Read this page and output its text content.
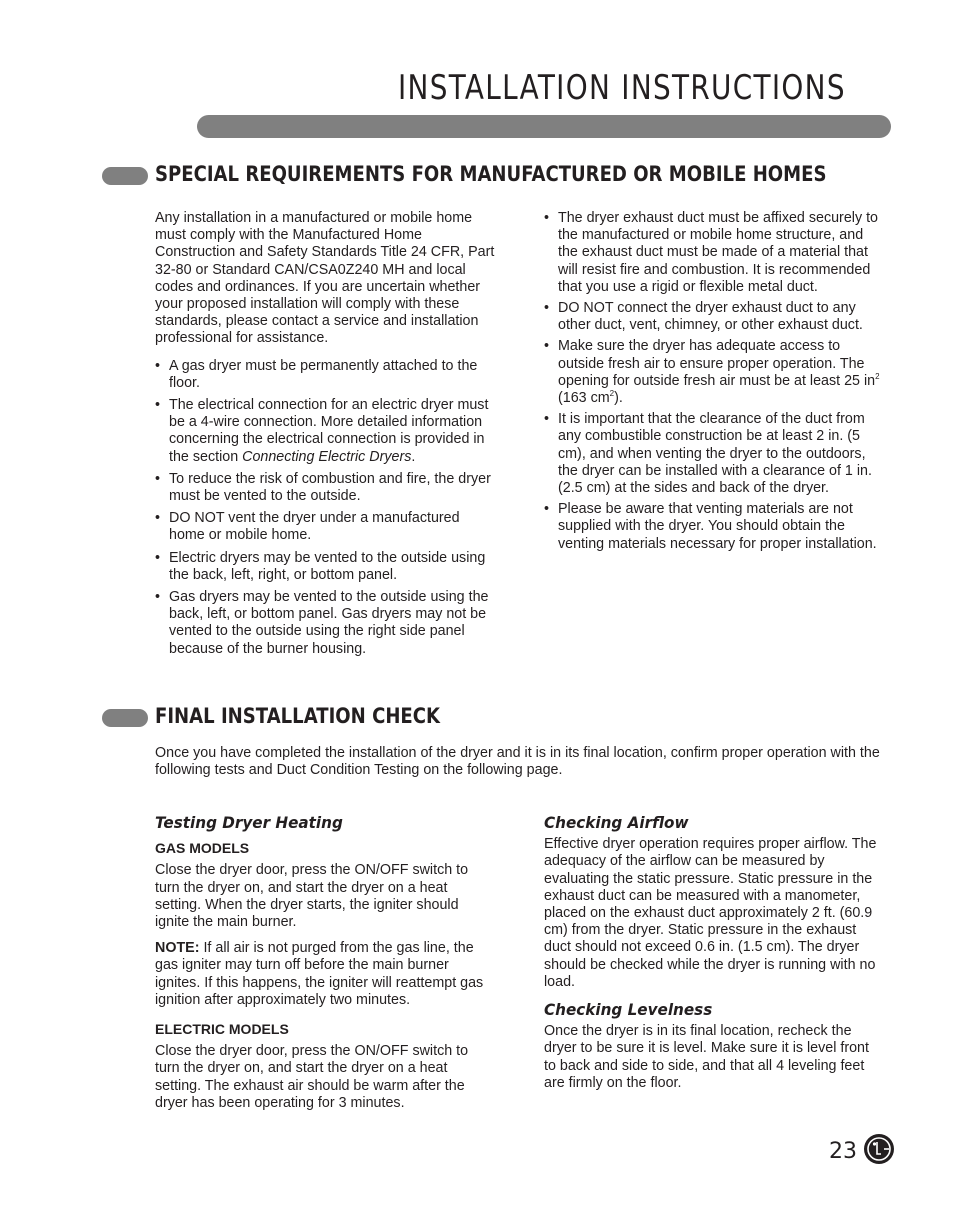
INSTALLATION INSTRUCTIONS
SPECIAL REQUIREMENTS FOR MANUFACTURED OR MOBILE HOMES

Any installation in a manufactured or mobile home must comply with the Manufactured Home Construction and Safety Standards Title 24 CFR, Part 32-80 or Standard CAN/CSA0Z240 MH and local codes and ordinances. If you are uncertain whether your proposed installation will comply with these standards, please contact a service and installation professional for assistance.

• A gas dryer must be permanently attached to the floor.
• The electrical connection for an electric dryer must be a 4-wire connection. More detailed information concerning the electrical connection is provided in the section Connecting Electric Dryers.
• To reduce the risk of combustion and fire, the dryer must be vented to the outside.
• DO NOT vent the dryer under a manufactured home or mobile home.
• Electric dryers may be vented to the outside using the back, left, right, or bottom panel.
• Gas dryers may be vented to the outside using the back, left, or bottom panel. Gas dryers may not be vented to the outside using the right side panel because of the burner housing.
• The dryer exhaust duct must be affixed securely to the manufactured or mobile home structure, and the exhaust duct must be made of a material that will resist fire and combustion. It is recommended that you use a rigid or flexible metal duct.
• DO NOT connect the dryer exhaust duct to any other duct, vent, chimney, or other exhaust duct.
• Make sure the dryer has adequate access to outside fresh air to ensure proper operation. The opening for outside fresh air must be at least 25 $in^2$ (163 $cm^2$).
• It is important that the clearance of the duct from any combustible construction be at least 2 in. (5 cm), and when venting the dryer to the outdoors, the dryer can be installed with a clearance of 1 in. (2.5 cm) at the sides and back of the dryer.
• Please be aware that venting materials are not supplied with the dryer. You should obtain the venting materials necessary for proper installation.
FINAL INSTALLATION CHECK
Once you have completed the installation of the dryer and it is in its final location, confirm proper operation with the following tests and Duct Condition Testing on the following page.
Testing Dryer Heating
GAS MODELS

Close the dryer door, press the ON/OFF switch to turn the dryer on, and start the dryer on a heat setting. When the dryer starts, the igniter should ignite the main burner.

NOTE: If all air is not purged from the gas line, the gas igniter may turn off before the main burner ignites. If this happens, the igniter will reattempt gas ignition after approximately two minutes.

ELECTRIC MODELS

Close the dryer door, press the ON/OFF switch to turn the dryer on, and start the dryer on a heat setting. The exhaust air should be warm after the dryer has been operating for 3 minutes.

Checking Airflow

Effective dryer operation requires proper airflow. The adequacy of the airflow can be measured by evaluating the static pressure. Static pressure in the exhaust duct can be measured with a manometer, placed on the exhaust duct approximately 2 ft. (60.9 cm) from the dryer. Static pressure in the exhaust duct should not exceed 0.6 in. (1.5 cm). The dryer should be checked while the dryer is running with no load.

Checking Levelness

Once the dryer is in its final location, recheck the dryer to be sure it is level. Make sure it is level front to back and side to side, and that all 4 leveling feet are firmly on the floor.

23
